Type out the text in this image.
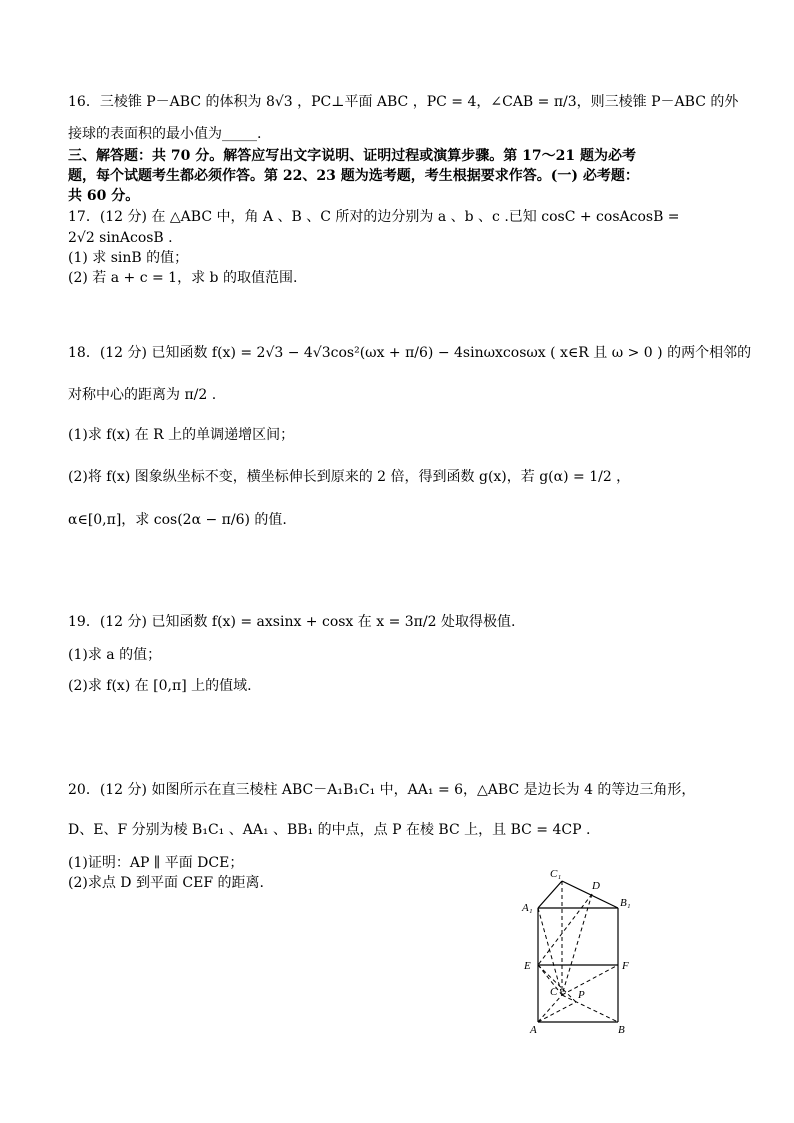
16．三棱锥 P－ABC 的体积为 8√3 ，PC⊥平面 ABC ，PC = 4，∠CAB = π/3，则三棱锥 P－ABC 的外
接球的表面积的最小值为_____.
三、解答题：共 70 分。解答应写出文字说明、证明过程或演算步骤。第 17～21 题为必考
题，每个试题考生都必须作答。第 22、23 题为选考题，考生根据要求作答。(一) 必考题：
共 60 分。
17．(12 分) 在 △ABC 中，角 A 、B 、C 所对的边分别为 a 、b 、c .已知 cosC + cosAcosB =
2√2 sinAcosB .
(1) 求 sinB 的值；
(2) 若 a + c = 1，求 b 的取值范围.
18．(12 分) 已知函数 f(x) = 2√3 − 4√3cos²(ωx + π/6) − 4sinωxcosωx ( x∈R 且 ω > 0 ) 的两个相邻的
对称中心的距离为 π/2 .
(1)求 f(x) 在 R 上的单调递增区间；
(2)将 f(x) 图象纵坐标不变，横坐标伸长到原来的 2 倍，得到函数 g(x)，若 g(α) = 1/2 ，
α∈[0,π]，求 cos(2α − π/6) 的值.
19．(12 分) 已知函数 f(x) = axsinx + cosx 在 x = 3π/2 处取得极值.
(1)求 a 的值；
(2)求 f(x) 在 [0,π] 上的值域.
20．(12 分) 如图所示在直三棱柱 ABC－A₁B₁C₁ 中，AA₁ = 6，△ABC 是边长为 4 的等边三角形，
D、E、F 分别为棱 B₁C₁ 、AA₁ 、BB₁ 的中点，点 P 在棱 BC 上，且 BC = 4CP .
(1)证明：AP ∥ 平面 DCE；
(2)求点 D 到平面 CEF 的距离.
C₁
D
A₁	B₁
E	F
C P
A	B
